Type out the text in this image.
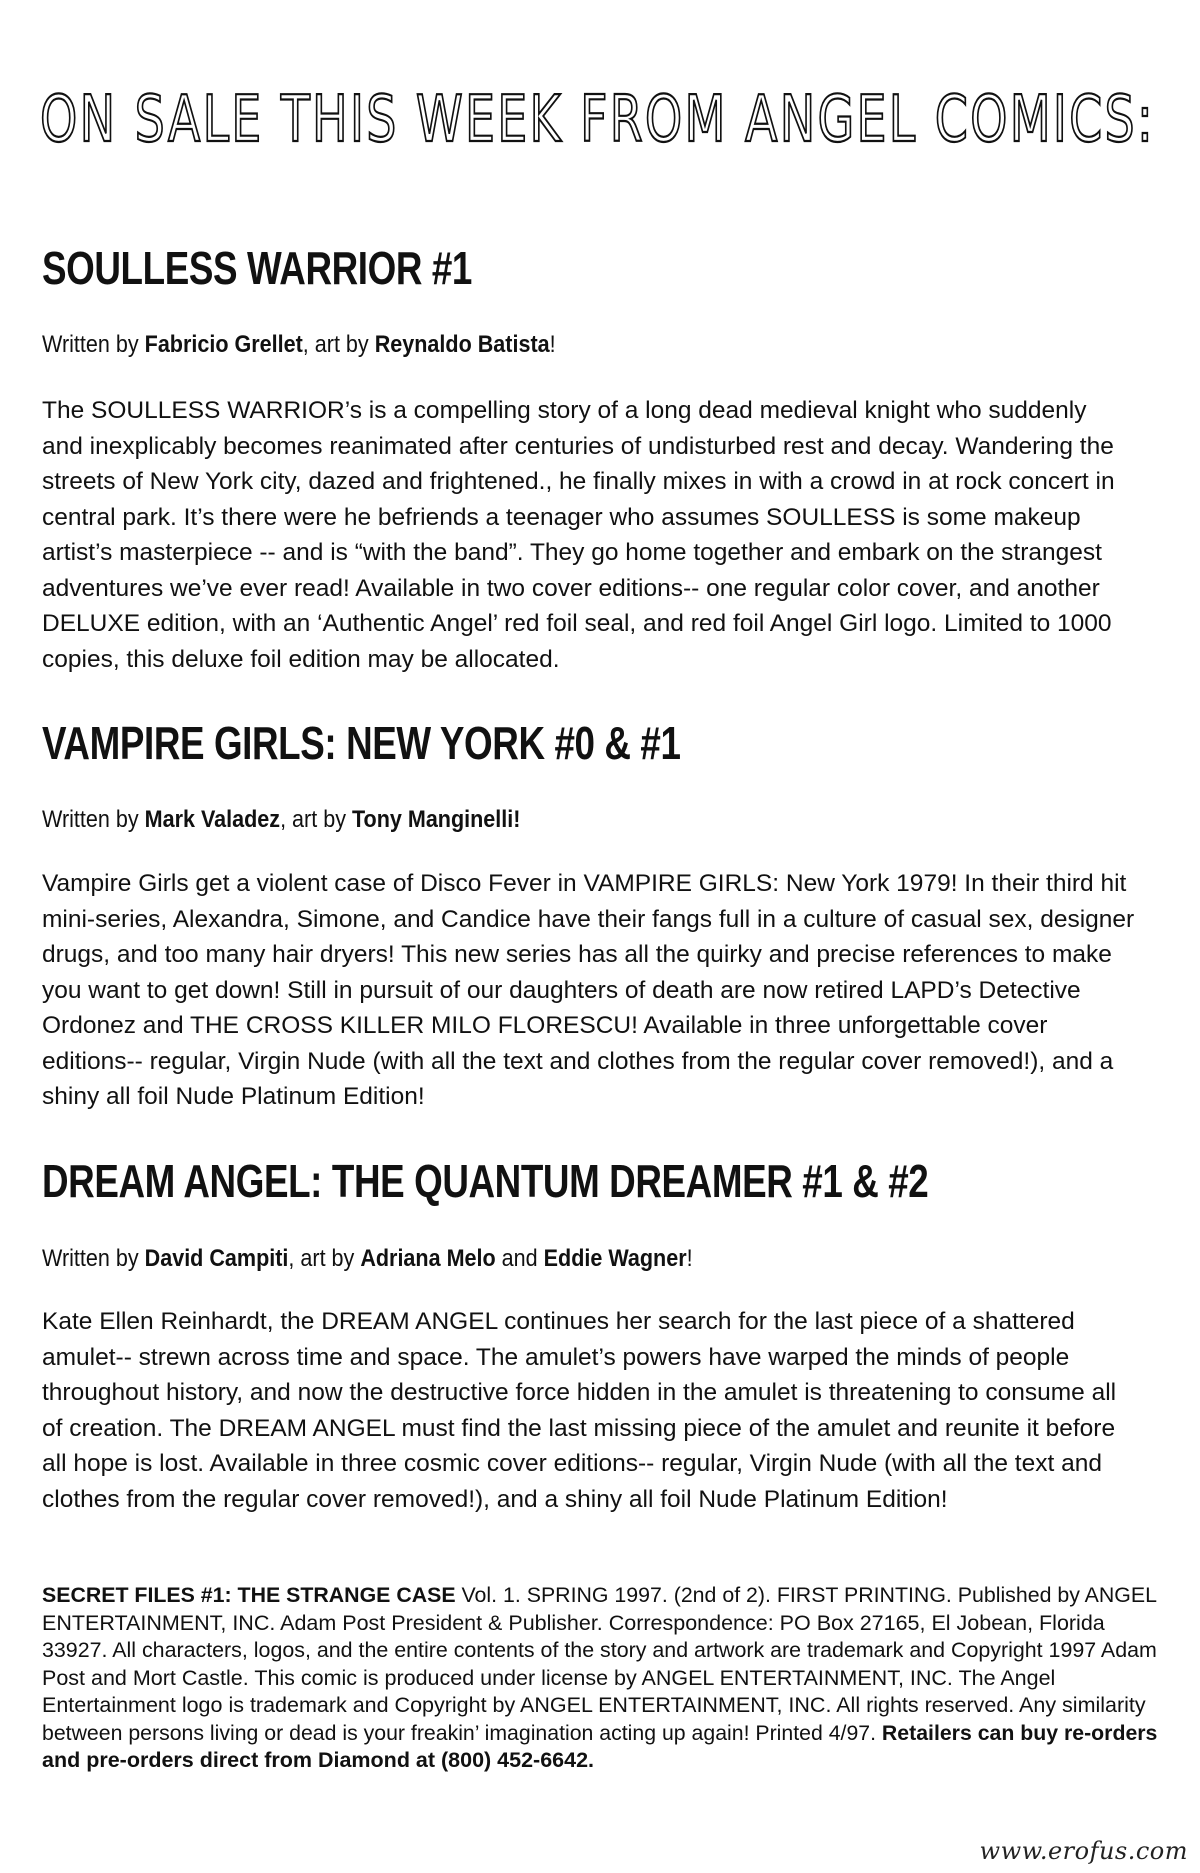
ON SALE THIS WEEK FROM ANGEL COMICS:
SOULLESS WARRIOR #1
Written by Fabricio Grellet, art by Reynaldo Batista!
The SOULLESS WARRIOR’s is a compelling story of a long dead medieval knight who suddenly
and inexplicably becomes reanimated after centuries of undisturbed rest and decay. Wandering the
streets of New York city, dazed and frightened., he finally mixes in with a crowd in at rock concert in
central park. It’s there were he befriends a teenager who assumes SOULLESS is some makeup
artist’s masterpiece -- and is “with the band”. They go home together and embark on the strangest
adventures we’ve ever read! Available in two cover editions-- one regular color cover, and another
DELUXE edition, with an ‘Authentic Angel’ red foil seal, and red foil Angel Girl logo. Limited to 1000
copies, this deluxe foil edition may be allocated.
VAMPIRE GIRLS: NEW YORK #0 & #1
Written by Mark Valadez, art by Tony Manginelli!
Vampire Girls get a violent case of Disco Fever in VAMPIRE GIRLS: New York 1979! In their third hit
mini-series, Alexandra, Simone, and Candice have their fangs full in a culture of casual sex, designer
drugs, and too many hair dryers! This new series has all the quirky and precise references to make
you want to get down! Still in pursuit of our daughters of death are now retired LAPD’s Detective
Ordonez and THE CROSS KILLER MILO FLORESCU! Available in three unforgettable cover
editions-- regular, Virgin Nude (with all the text and clothes from the regular cover removed!), and a
shiny all foil Nude Platinum Edition!
DREAM ANGEL: THE QUANTUM DREAMER #1 & #2
Written by David Campiti, art by Adriana Melo and Eddie Wagner!
Kate Ellen Reinhardt, the DREAM ANGEL continues her search for the last piece of a shattered
amulet-- strewn across time and space. The amulet’s powers have warped the minds of people
throughout history, and now the destructive force hidden in the amulet is threatening to consume all
of creation. The DREAM ANGEL must find the last missing piece of the amulet and reunite it before
all hope is lost. Available in three cosmic cover editions-- regular, Virgin Nude (with all the text and
clothes from the regular cover removed!), and a shiny all foil Nude Platinum Edition!
SECRET FILES #1: THE STRANGE CASE Vol. 1. SPRING 1997. (2nd of 2). FIRST PRINTING. Published by ANGEL
ENTERTAINMENT, INC. Adam Post President & Publisher. Correspondence: PO Box 27165, El Jobean, Florida
33927. All characters, logos, and the entire contents of the story and artwork are trademark and Copyright 1997 Adam
Post and Mort Castle. This comic is produced under license by ANGEL ENTERTAINMENT, INC. The Angel
Entertainment logo is trademark and Copyright by ANGEL ENTERTAINMENT, INC. All rights reserved. Any similarity
between persons living or dead is your freakin’ imagination acting up again! Printed 4/97. Retailers can buy re-orders
and pre-orders direct from Diamond at (800) 452-6642.
www.erofus.com
